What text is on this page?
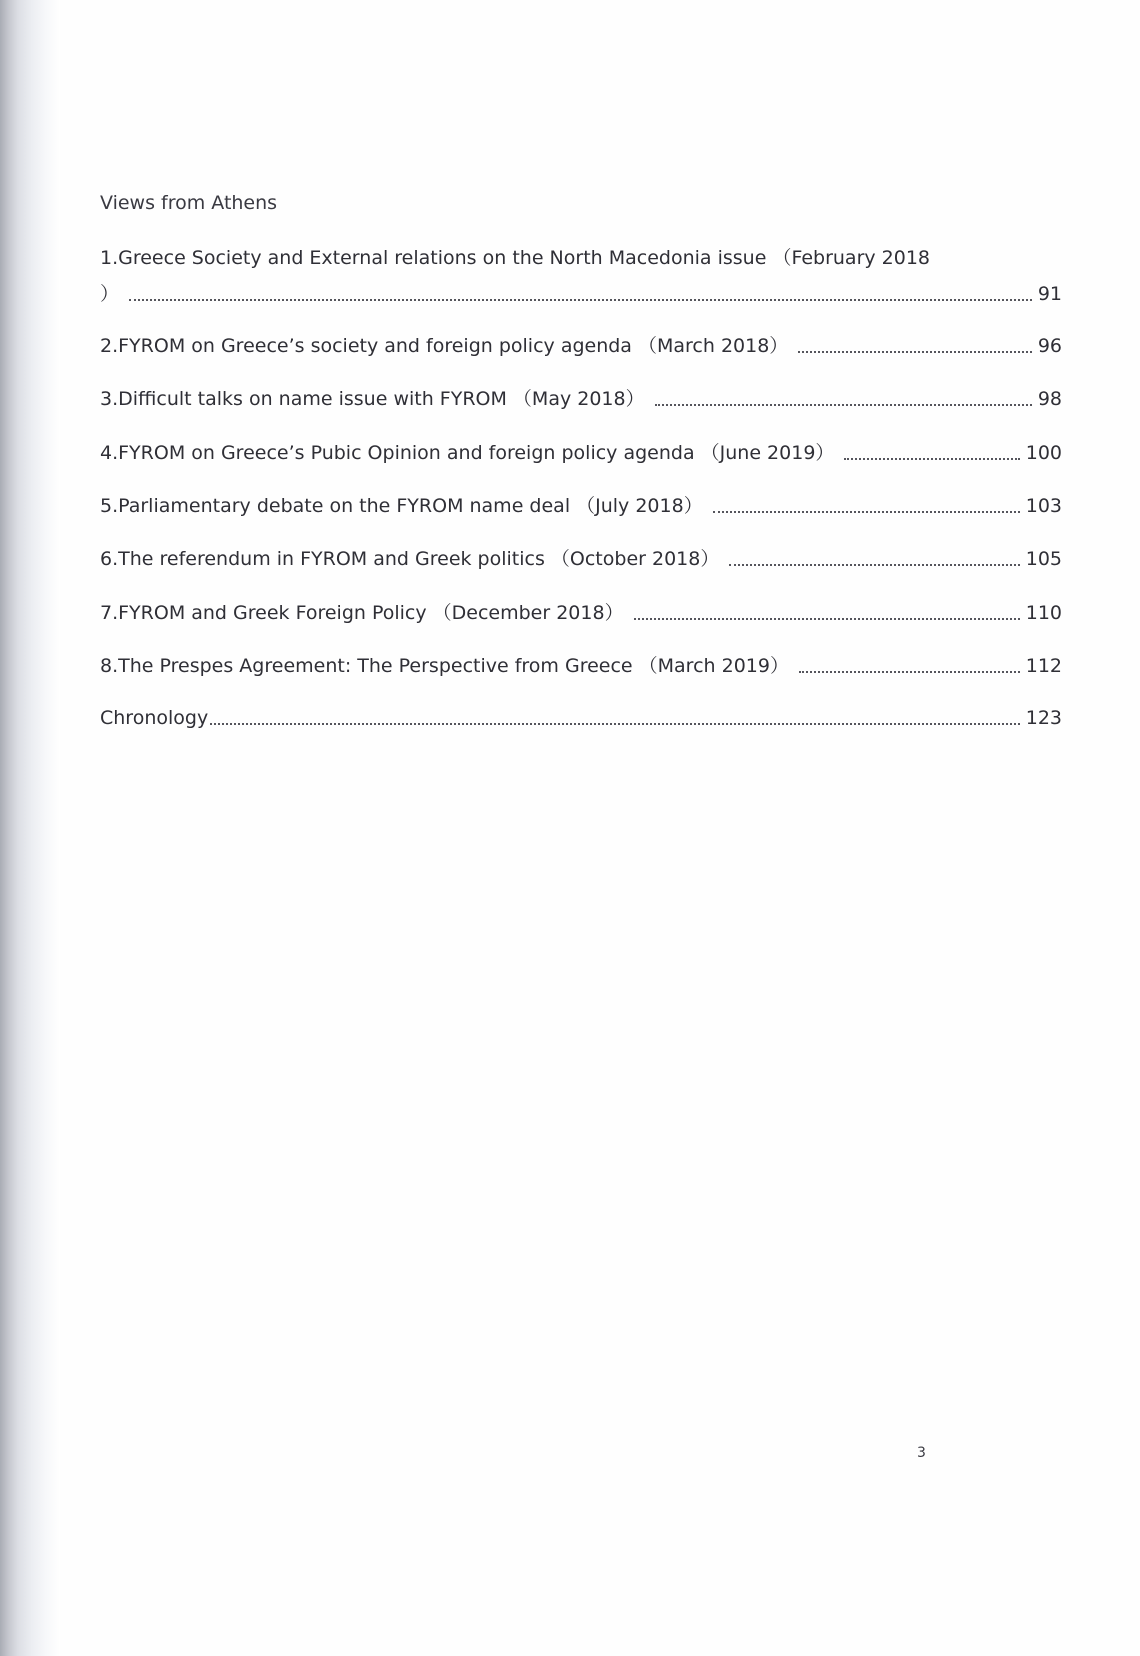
Views from Athens
1.Greece Society and External relations on the North Macedonia issue （February 2018
）	91
2.FYROM on Greece’s society and foreign policy agenda （March 2018）	96
3.Difficult talks on name issue with FYROM （May 2018）	98
4.FYROM on Greece’s Pubic Opinion and foreign policy agenda （June 2019）	100
5.Parliamentary debate on the FYROM name deal （July 2018）	103
6.The referendum in FYROM and Greek politics （October 2018）	105
7.FYROM and Greek Foreign Policy （December 2018）	110
8.The Prespes Agreement: The Perspective from Greece （March 2019）	112
Chronology	123
3
